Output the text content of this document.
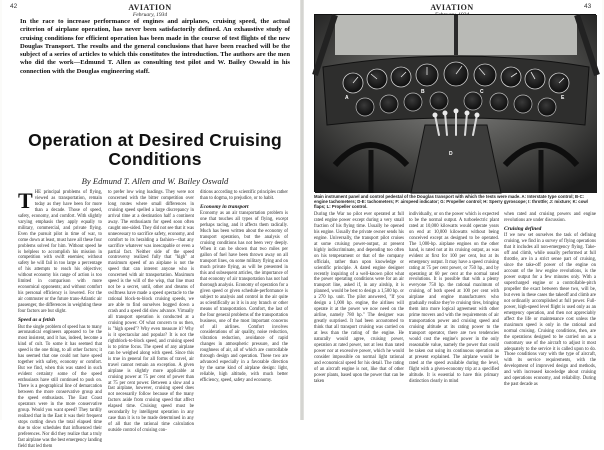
42	AVIATION
February, 1934
In the race to increase performance of engines and airplanes, cruising speed, the actual criterion of airplane operation, has never been satisfactorily defined. An exhaustive study of cruising conditions for efficient operation has been made in the course of test flights of the new Douglas Transport. The results and the general conclusions that have been reached will be the subject of a series of articles to which this constitutes the introduction. The authors are the men who did the work—Edmund T. Allen as consulting test pilot and W. Bailey Oswald in his connection with the Douglas engineering staff.
Operation at Desired Cruising Conditions
By Edmund T. Allen and W. Bailey Oswald
T HE principal problems of flying, viewed as transportation, remain today as they have been for more than a decade. Those of speed, safety, economy, and comfort. With slightly varying emphasis they apply equally to military, commercial, and private flying. Even the pursuit pilot in time of war, to come down at least, must have all these four problems solved for him. Without speed he is helpless to accomplish his mission in competition with swift enemies; without safety he will fail in too large a percentage of his attempts to reach his objective; without economy his range of action is too limited in comparison with more economical opponents; and without comfort his personal efficiency is lowered. For the air commuter or the future trans-Atlantic air passenger, the differences in weighting these four factors are but slight.
Speed as a fetish
But the single problem of speed has to many aeronautical engineers appeared to be the most insistent, and it has, indeed, become a kind of cult. To some it has seemed that speed is the one thing, to all other factors; it has seemed that one could not have speed together with safety, economy or comfort. But we find, when this was stated in such evident certainty some of the speed enthusiasts have still continued to push on. There is a geographical line of demarcation between the more conservative group and the speed enthusiasts. The East Coast operators were in the more conservative group. Would you want speed? They tardily realized that in the East it was their frequent stops cutting down the total elapsed time due to slow schedules that influenced their preferences. Nor did they realize that a truly fast airplane was the best emergency landing field that led them
to prefer low wing loadings. They were not concerned with the bitter competition over long routes where small differences in cruising speed spelled a large discrepancy in arrival time at a destination half a continent away. The enthusiasm for speed soon often caught one-sided. They did not see that it was unnecessary to sacrifice safety, economy, and comfort to its heralding a fashion—that any sacrifice whatever was inescapable or even a partial fact. Neither side of the speed controversy realized fully that "high" at maximum speed of an airplane is not the speed that can interest anyone who is concerned with air transportation. Maximum speed is the will of the wisp, that line must not be a secret, until, other and dreams of swiftness have made a speed spectacle to the rational block-to-block cruising speeds, we are able to find ourselves bogged down a crash and a speed did slow advance. Virtually all transport operation is conducted at a cruising power. Of what concern to us then, is "high speed"? Why even measure it? Why is it spectacular and popular? It is not the rightblock-to-block speed, and cruising speed is to prime focus. The speed of any airplane can be weighed along with speed. Since this is true in general for all forms of travel, air travel cannot remain an exception. A given airplane is slightly more applicable at cruising power at 75 per cent of power than at 75 per cent power. Between a slow and a fast airplane, however, cruising speed does not necessarily follow because of the many factors aside from cruising speed that affect elapsed time. Cruising speed must be secondarily by intelligent operation in any case than it is to be made determined in any of all that the rational time calculation outside control of cruising con-
ditions according to scientific principles rather than to dogma, to prejudice, or to habit.
Economy in transport
Economy as an air transportation problem is one that touches all types of flying, except perhaps racing, and it affects them radically. Much has been written about the economy of transport operation, but the analysis of cruising conditions has not been very deeply. When it can be shown that two miles per gallon of fuel have been thrown away on all transport lines, on some military flying and on much private flying, as will be presented in this and subsequent articles, the importance of that economy of air transportation has not had thorough analysis. Economy of operation for a given speed or given schedule-performance is subject to analysis and control in the air quite as scientifically as it is in any branch or other means of transportation. Comfort, the last of the four general problems of the transportation business, one of the most important concerns of all airlines. Comfort involves considerations of air quality, noise reduction, vibration reduction, avoidance of rapid changes in atmospheric pressure, and the roughness of air, all of which are controllable through design and operation. These two are advanced especially in a favorable direction by the same kind of airplane design: light, reliable, high altitude, with much better efficiency, speed, safety and economy.
AVIATION	43
A
B	C
D
E
Main instrument panel and control pedestal of the Douglas transport with which the tests were made. A: Interstate type control; B-C: engine tachometers; D-E: tachometers; F: airspeed indicator; G: Propeller control; H: Sperry gyroscope; I: throttle; J: mixture; K: cowl flaps; L: Propeller control.
During the War no pilot ever operated at full rated engine power except during a very small fraction of his flying time. Usually he opened his engine. Usually the private owner sends his engine. Universally, the transport pilot cruises at some cruising power-output, at present highly indiscriminate, and depending too often on his temperament or that of the company officials, rather than upon knowledge or scientific principle. A dated engine designer recently inquiring of a well-known pilot what the power operating conditions were for an air transport line, asked if, in any airship, it is planned, would be best to design a 1,500 hp. or a 270 hp. unit. The pilot answered, "If you design a 1,000 hp. engine, the airlines will operate it at the power we now need on the airline, namely 780 hp." The designer was greatly surprised. It had been accustomed to think that all transport cruising was carried on at less than the rating of the engine. He naturally would agree, cruising power, operation at rated power, not at less than rated power nor at excessive power, which he would consider impossible on normal light rational and economical speed for his detail. The rating of an aircraft engine is not, like that of other power plants, based upon the power that can be taken
individually, or on the power which is expected to be the normal output. A turboelectric plant rated at 10,000 kilowatts would operate years on end at 10,000 kilowatts without being conceived except as designed to be operated. The 1,000-hp. airplane engines on the other hand, is rated not at its cruising output, as was evident at first for 100 per cent, but at its emergency output. It may have a speed cruising rating at 75 per cent power, or 750 hp., and by operating at 60 per cent at the normal rated revolutions. It is possible that with a plenty everyone 750 hp. the rational maximum of cruising, of both speed at 100 per cent with airplane and engine manufacturers who gradually realize they're cruising tires, bringing them into more logical agreement with other prime movers and with the requirements of air transportation power and cruising speed and cruising altitude at its rating power to the transport operator, there are two tendencies would cost the engine's power in the only reasonable value, namely the power that could be taken out using its continuous operation as at present explained. The airplane would be rated at the speed available during the level, flight with a given-economy trip at a specified altitude. It is essential to have this primary distinction clearly in mind
when rated and cruising powers and engine revolutions are under discussion.
Cruising defined
If we now set ourselves the task of defining cruising, we find in a survey of flying operations that it includes all non-emergency flying. Take-off and climb, while usually performed at full throttle, are in a strict sense part of cruising, since the take-off power of the engine on account of the low engine revolutions, is the power output for a few minutes only. With a supercharged engine or a controllable-pitch propeller the exact between these two, will be, but even in these cases the takeoff and climb are not ordinarily accomplished at full power. Full-power, high-speed level flight is used only as an emergency operation, and then not appreciably affect the life or maintenance cost unless the maximum speed is only in the rational and normal cruising. Cruising conditions, then, are the operations designed to be carried on as a customary use of the aircraft to adjust it most adequately to the service it is called upon to do. Those conditions vary with the type of aircraft, with its service requirements, with the development of improved design and methods, and with increased knowledge about cruising and operations economy, and reliability. During the past decade as
